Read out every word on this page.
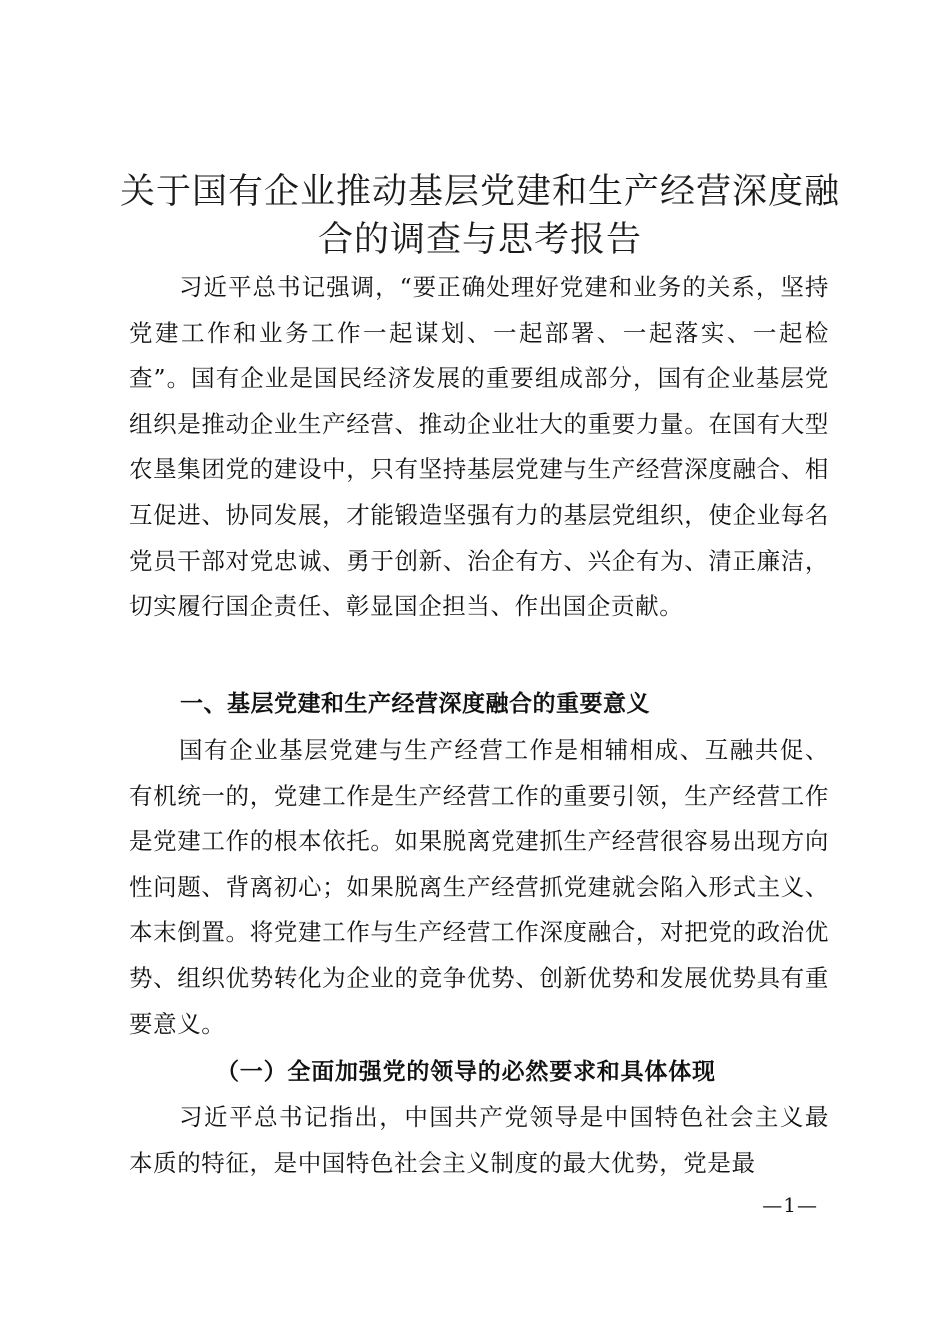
关于国有企业推动基层党建和生产经营深度融合的调查与思考报告

习近平总书记强调，“要正确处理好党建和业务的关系，坚持党建工作和业务工作一起谋划、一起部署、一起落实、一起检查”。国有企业是国民经济发展的重要组成部分，国有企业基层党组织是推动企业生产经营、推动企业壮大的重要力量。在国有大型农垦集团党的建设中，只有坚持基层党建与生产经营深度融合、相互促进、协同发展，才能锻造坚强有力的基层党组织，使企业每名党员干部对党忠诚、勇于创新、治企有方、兴企有为、清正廉洁，切实履行国企责任、彰显国企担当、作出国企贡献。

一、基层党建和生产经营深度融合的重要意义

国有企业基层党建与生产经营工作是相辅相成、互融共促、有机统一的，党建工作是生产经营工作的重要引领，生产经营工作是党建工作的根本依托。如果脱离党建抓生产经营很容易出现方向性问题、背离初心；如果脱离生产经营抓党建就会陷入形式主义、本末倒置。将党建工作与生产经营工作深度融合，对把党的政治优势、组织优势转化为企业的竞争优势、创新优势和发展优势具有重要意义。

（一）全面加强党的领导的必然要求和具体体现

习近平总书记指出，中国共产党领导是中国特色社会主义最本质的特征，是中国特色社会主义制度的最大优势，党是最

—1—
